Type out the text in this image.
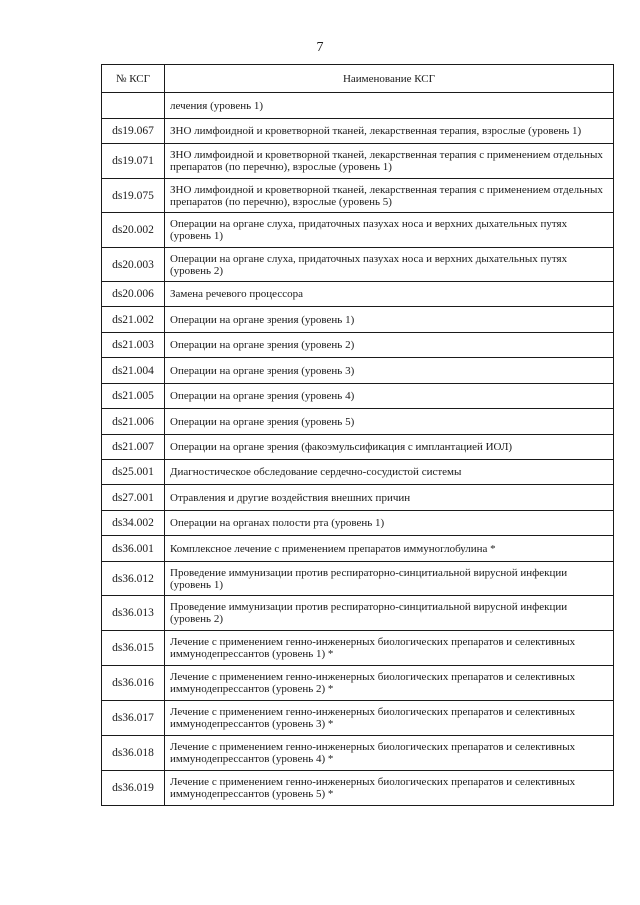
7
№ КСГ	Наименование КСГ
	лечения (уровень 1)
ds19.067	ЗНО лимфоидной и кроветворной тканей, лекарственная терапия, взрослые (уровень 1)
ds19.071	ЗНО лимфоидной и кроветворной тканей, лекарственная терапия с применением отдельных препаратов (по перечню), взрослые (уровень 1)
ds19.075	ЗНО лимфоидной и кроветворной тканей, лекарственная терапия с применением отдельных препаратов (по перечню), взрослые (уровень 5)
ds20.002	Операции на органе слуха, придаточных пазухах носа и верхних дыхательных путях (уровень 1)
ds20.003	Операции на органе слуха, придаточных пазухах носа и верхних дыхательных путях (уровень 2)
ds20.006	Замена речевого процессора
ds21.002	Операции на органе зрения (уровень 1)
ds21.003	Операции на органе зрения (уровень 2)
ds21.004	Операции на органе зрения (уровень 3)
ds21.005	Операции на органе зрения (уровень 4)
ds21.006	Операции на органе зрения (уровень 5)
ds21.007	Операции на органе зрения (факоэмульсификация с имплантацией ИОЛ)
ds25.001	Диагностическое обследование сердечно-сосудистой системы
ds27.001	Отравления и другие воздействия внешних причин
ds34.002	Операции на органах полости рта (уровень 1)
ds36.001	Комплексное лечение с применением препаратов иммуноглобулина *
ds36.012	Проведение иммунизации против респираторно-синцитиальной вирусной инфекции (уровень 1)
ds36.013	Проведение иммунизации против респираторно-синцитиальной вирусной инфекции (уровень 2)
ds36.015	Лечение с применением генно-инженерных биологических препаратов и селективных иммунодепрессантов (уровень 1) *
ds36.016	Лечение с применением генно-инженерных биологических препаратов и селективных иммунодепрессантов (уровень 2) *
ds36.017	Лечение с применением генно-инженерных биологических препаратов и селективных иммунодепрессантов (уровень 3) *
ds36.018	Лечение с применением генно-инженерных биологических препаратов и селективных иммунодепрессантов (уровень 4) *
ds36.019	Лечение с применением генно-инженерных биологических препаратов и селективных иммунодепрессантов (уровень 5) *
